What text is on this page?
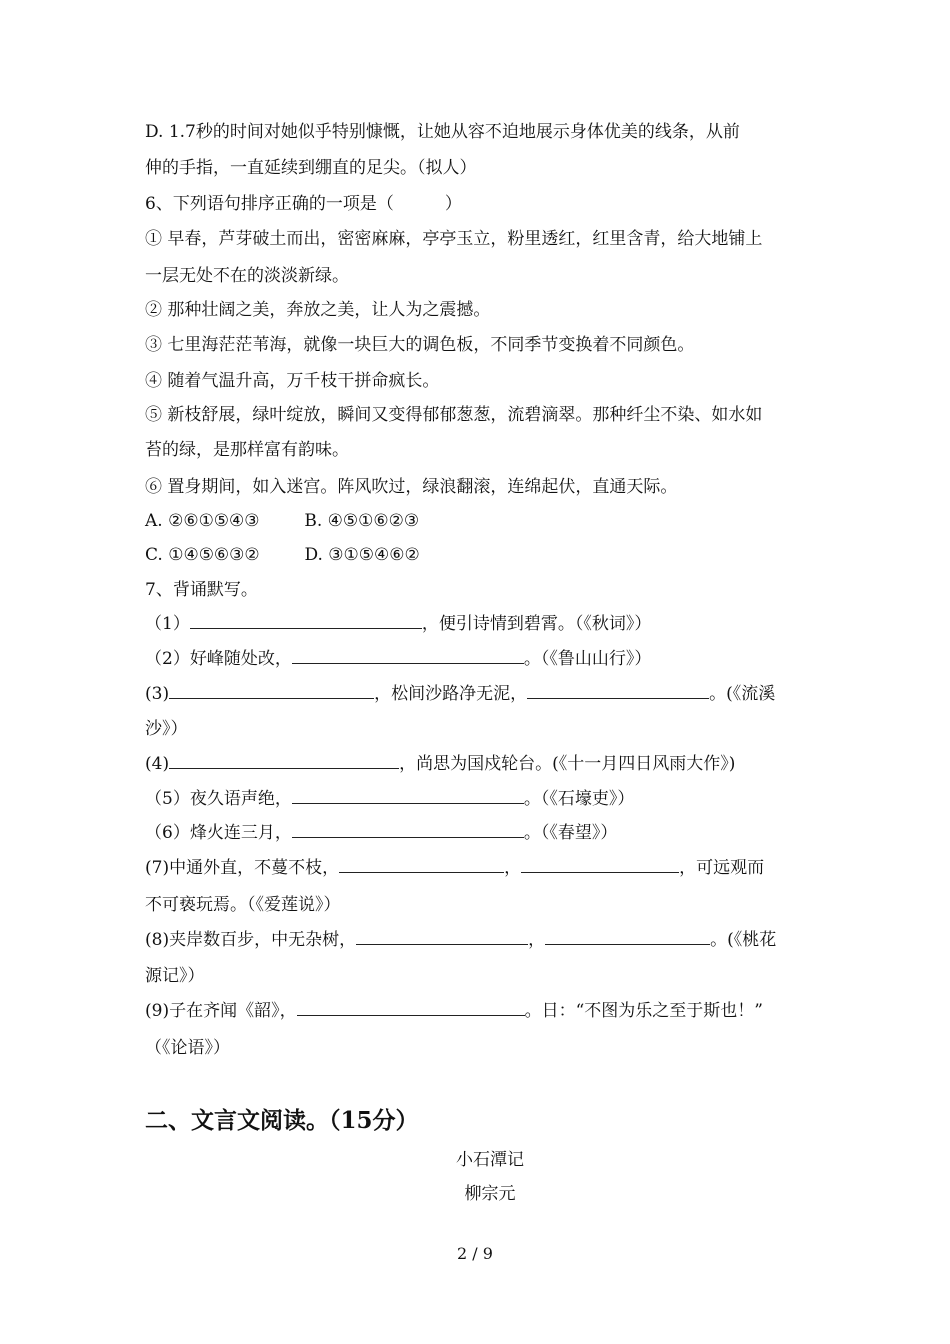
D. 1.7秒的时间对她似乎特别慷慨，让她从容不迫地展示身体优美的线条，从前
伸的手指，一直延续到绷直的足尖。（拟人）
6、下列语句排序正确的一项是（　　　）
① 早春，芦芽破土而出，密密麻麻，亭亭玉立，粉里透红，红里含青，给大地铺上
一层无处不在的淡淡新绿。
② 那种壮阔之美，奔放之美，让人为之震撼。
③ 七里海茫茫苇海，就像一块巨大的调色板，不同季节变换着不同颜色。
④ 随着气温升高，万千枝干拼命疯长。
⑤ 新枝舒展，绿叶绽放，瞬间又变得郁郁葱葱，流碧滴翠。那种纤尘不染、如水如
苔的绿，是那样富有韵味。
⑥ 置身期间，如入迷宫。阵风吹过，绿浪翻滚，连绵起伏，直通天际。
A. ②⑥①⑤④③	B. ④⑤①⑥②③
C. ①④⑤⑥③②	D. ③①⑤④⑥②
7、背诵默写。
（1）	，便引诗情到碧霄。（《秋词》）
（2）好峰随处改，	。（《鲁山山行》）
(3)	，松间沙路净无泥，	。(《流溪
沙》）
(4)	，尚思为国戍轮台。(《十一月四日风雨大作》)
（5）夜久语声绝，	。（《石壕吏》）
（6）烽火连三月，	。（《春望》）
(7)中通外直，不蔓不枝，	，	，可远观而
不可亵玩焉。（《爱莲说》）
(8)夹岸数百步，中无杂树，	，	。(《桃花
源记》）
(9)子在齐闻《韶》，	。日：“不图为乐之至于斯也！”
（《论语》）
二、文言文阅读。（15分）
小石潭记
柳宗元
2 / 9
